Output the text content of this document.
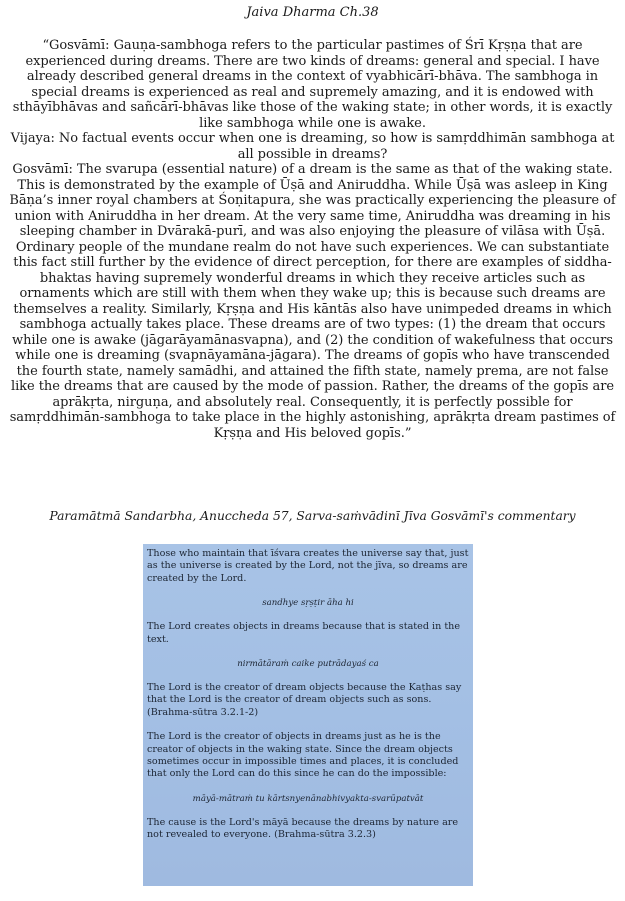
Jaiva Dharma Ch.38

“Gosvāmī: Gauṇa-sambhoga refers to the particular pastimes of Śrī Kṛṣṇa that are experienced during dreams. There are two kinds of dreams: general and special. I have already described general dreams in the context of vyabhicārī-bhāva. The sambhoga in special dreams is experienced as real and supremely amazing, and it is endowed with sthāyībhāvas and sañcārī-bhāvas like those of the waking state; in other words, it is exactly like sambhoga while one is awake.

Vijaya: No factual events occur when one is dreaming, so how is samṛddhimān sambhoga at all possible in dreams?

Gosvāmī: The svarupa (essential nature) of a dream is the same as that of the waking state. This is demonstrated by the example of Ūṣā and Aniruddha. While Ūṣā was asleep in King Bāṇa’s inner royal chambers at Śoṇitapura, she was practically experiencing the pleasure of union with Aniruddha in her dream. At the very same time, Aniruddha was dreaming in his sleeping chamber in Dvārakā-purī, and was also enjoying the pleasure of vilāsa with Ūṣā. Ordinary people of the mundane realm do not have such experiences. We can substantiate this fact still further by the evidence of direct perception, for there are examples of siddha-bhaktas having supremely wonderful dreams in which they receive articles such as ornaments which are still with them when they wake up; this is because such dreams are themselves a reality. Similarly, Kṛṣṇa and His kāntās also have unimpeded dreams in which sambhoga actually takes place. These dreams are of two types: (1) the dream that occurs while one is awake (jāgarāyamānasvapna), and (2) the condition of wakefulness that occurs while one is dreaming (svapnāyamāna-jāgara). The dreams of gopīs who have transcended the fourth state, namely samādhi, and attained the fifth state, namely prema, are not false like the dreams that are caused by the mode of passion. Rather, the dreams of the gopīs are aprākṛta, nirguṇa, and absolutely real. Consequently, it is perfectly possible for samṛddhimān-sambhoga to take place in the highly astonishing, aprākṛta dream pastimes of Kṛṣṇa and His beloved gopīs.”

Paramātmā Sandarbha, Anuccheda 57, Sarva-saṁvādinī Jīva Gosvāmī's commentary

Those who maintain that īśvara creates the universe say that, just as the universe is created by the Lord, not the jīva, so dreams are created by the Lord.

sandhye sṛṣṭir āha hi

The Lord creates objects in dreams because that is stated in the text.

nirmātāraṁ caike putrādayaś ca

The Lord is the creator of dream objects because the Kaṭhas say that the Lord is the creator of dream objects such as sons. (Brahma-sūtra 3.2.1-2)

The Lord is the creator of objects in dreams just as he is the creator of objects in the waking state. Since the dream objects sometimes occur in impossible times and places, it is concluded that only the Lord can do this since he can do the impossible:

māyā-mātraṁ tu kārtsnyenānabhivyakta-svarūpatvāt

The cause is the Lord's māyā because the dreams by nature are not revealed to everyone. (Brahma-sūtra 3.2.3)
